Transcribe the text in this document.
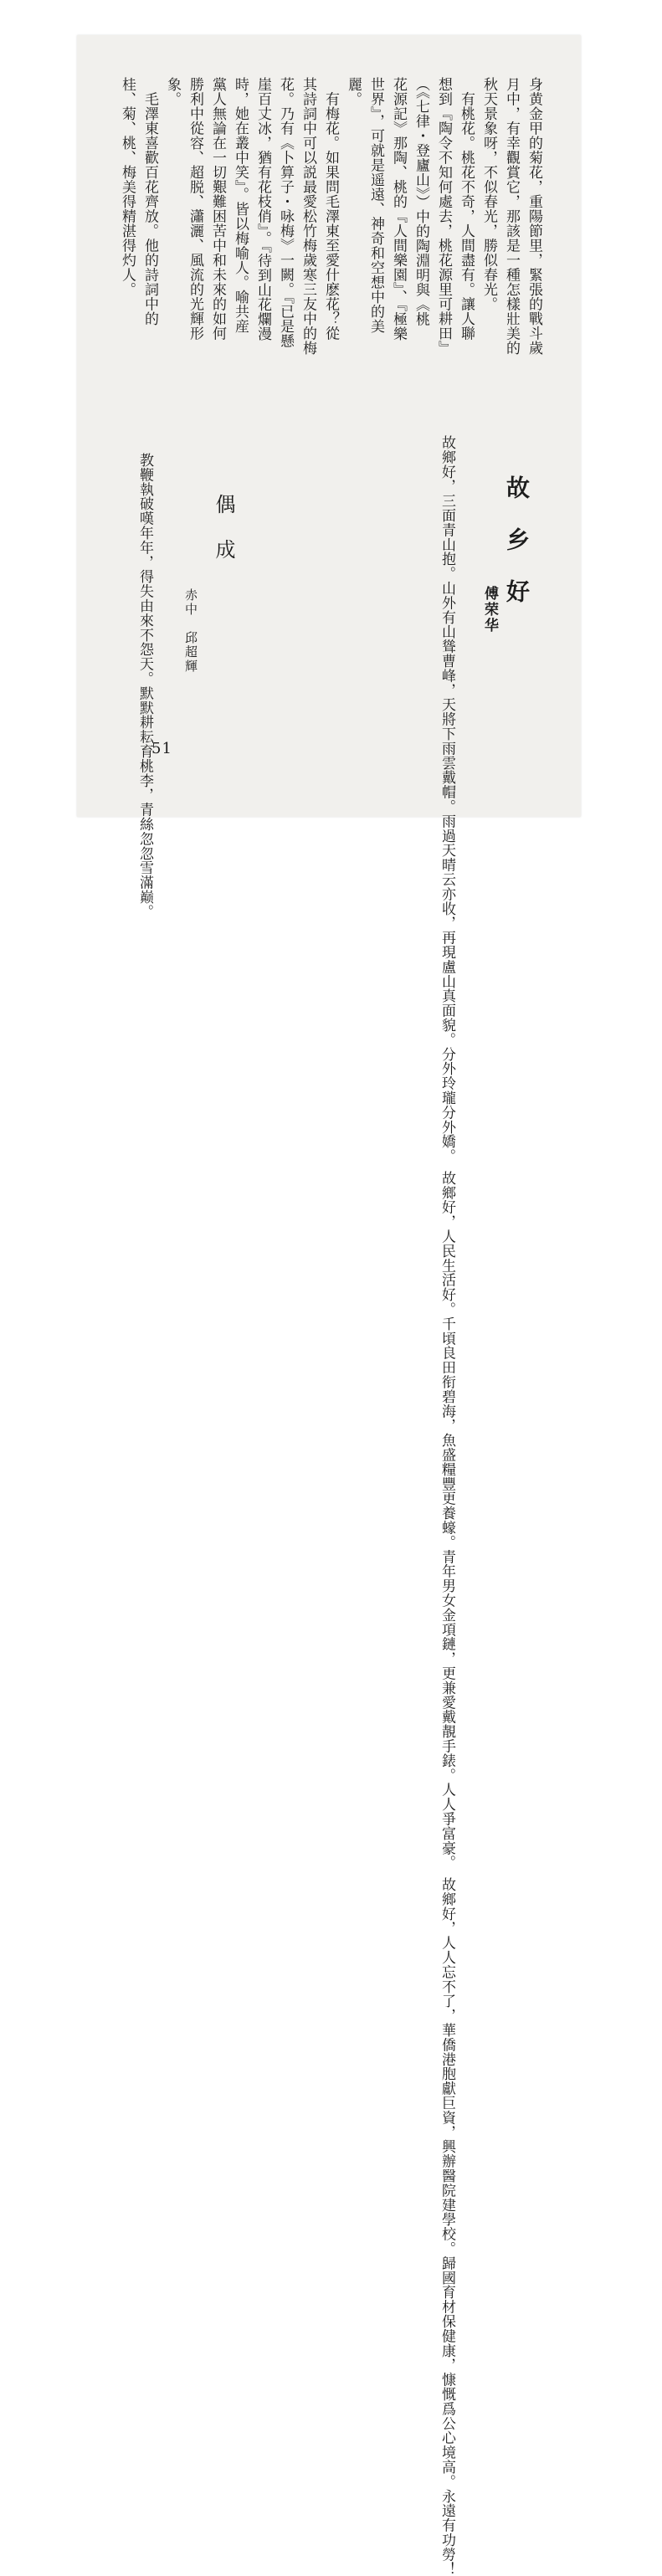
身黄金甲的菊花，重陽節里，緊張的戰斗歲
月中，有幸觀賞它，那該是一種怎樣壯美的
秋天景象呀，不似春光，勝似春光。
　有桃花。桃花不奇，人間盡有。讓人聯
想到『陶令不知何處去，桃花源里可耕田』
（《七律・登廬山》）中的陶淵明與《桃
花源記》那陶、桃的『人間樂園』、『極樂
世界』，可就是遥遠、神奇和空想中的美
麗。
　有梅花。如果問毛澤東至愛什麽花？從
其詩詞中可以説最愛松竹梅歲寒三友中的梅
花。乃有《卜算子・咏梅》一闕。『已是懸
崖百丈冰，猶有花枝俏』。『待到山花爛漫
時，她在叢中笑』。皆以梅喻人。喻共産
黨人無論在一切艱難困苦中和未來的如何
勝利中從容、超脱、瀟灑、風流的光輝形
象。
　毛澤東喜歡百花齊放。他的詩詞中的
桂、菊、桃、梅美得精湛得灼人。
故乡好
傅荣华
故鄉好，三面青山抱。山外有山聳曹峰，天將下雨雲戴帽。雨過天晴云亦收，再現盧山真面貌。分外玲瓏分外嬌。　故鄉好，人民生活好。千頃良田衔碧海，魚盛糧豐更養蠔。青年男女金項鏈，更兼愛戴靚手錶。人人爭富豪。　故鄉好，人人忘不了，華僑港胞獻巨資，興辦醫院建學校。歸國育材保健康，慷慨爲公心境高。永遠有功勞！
偶成
赤中　邱超輝
教鞭執破嘆年年，得失由來不怨天。默默耕耘育桃李，青絲忽忽雪滿巅。
51
